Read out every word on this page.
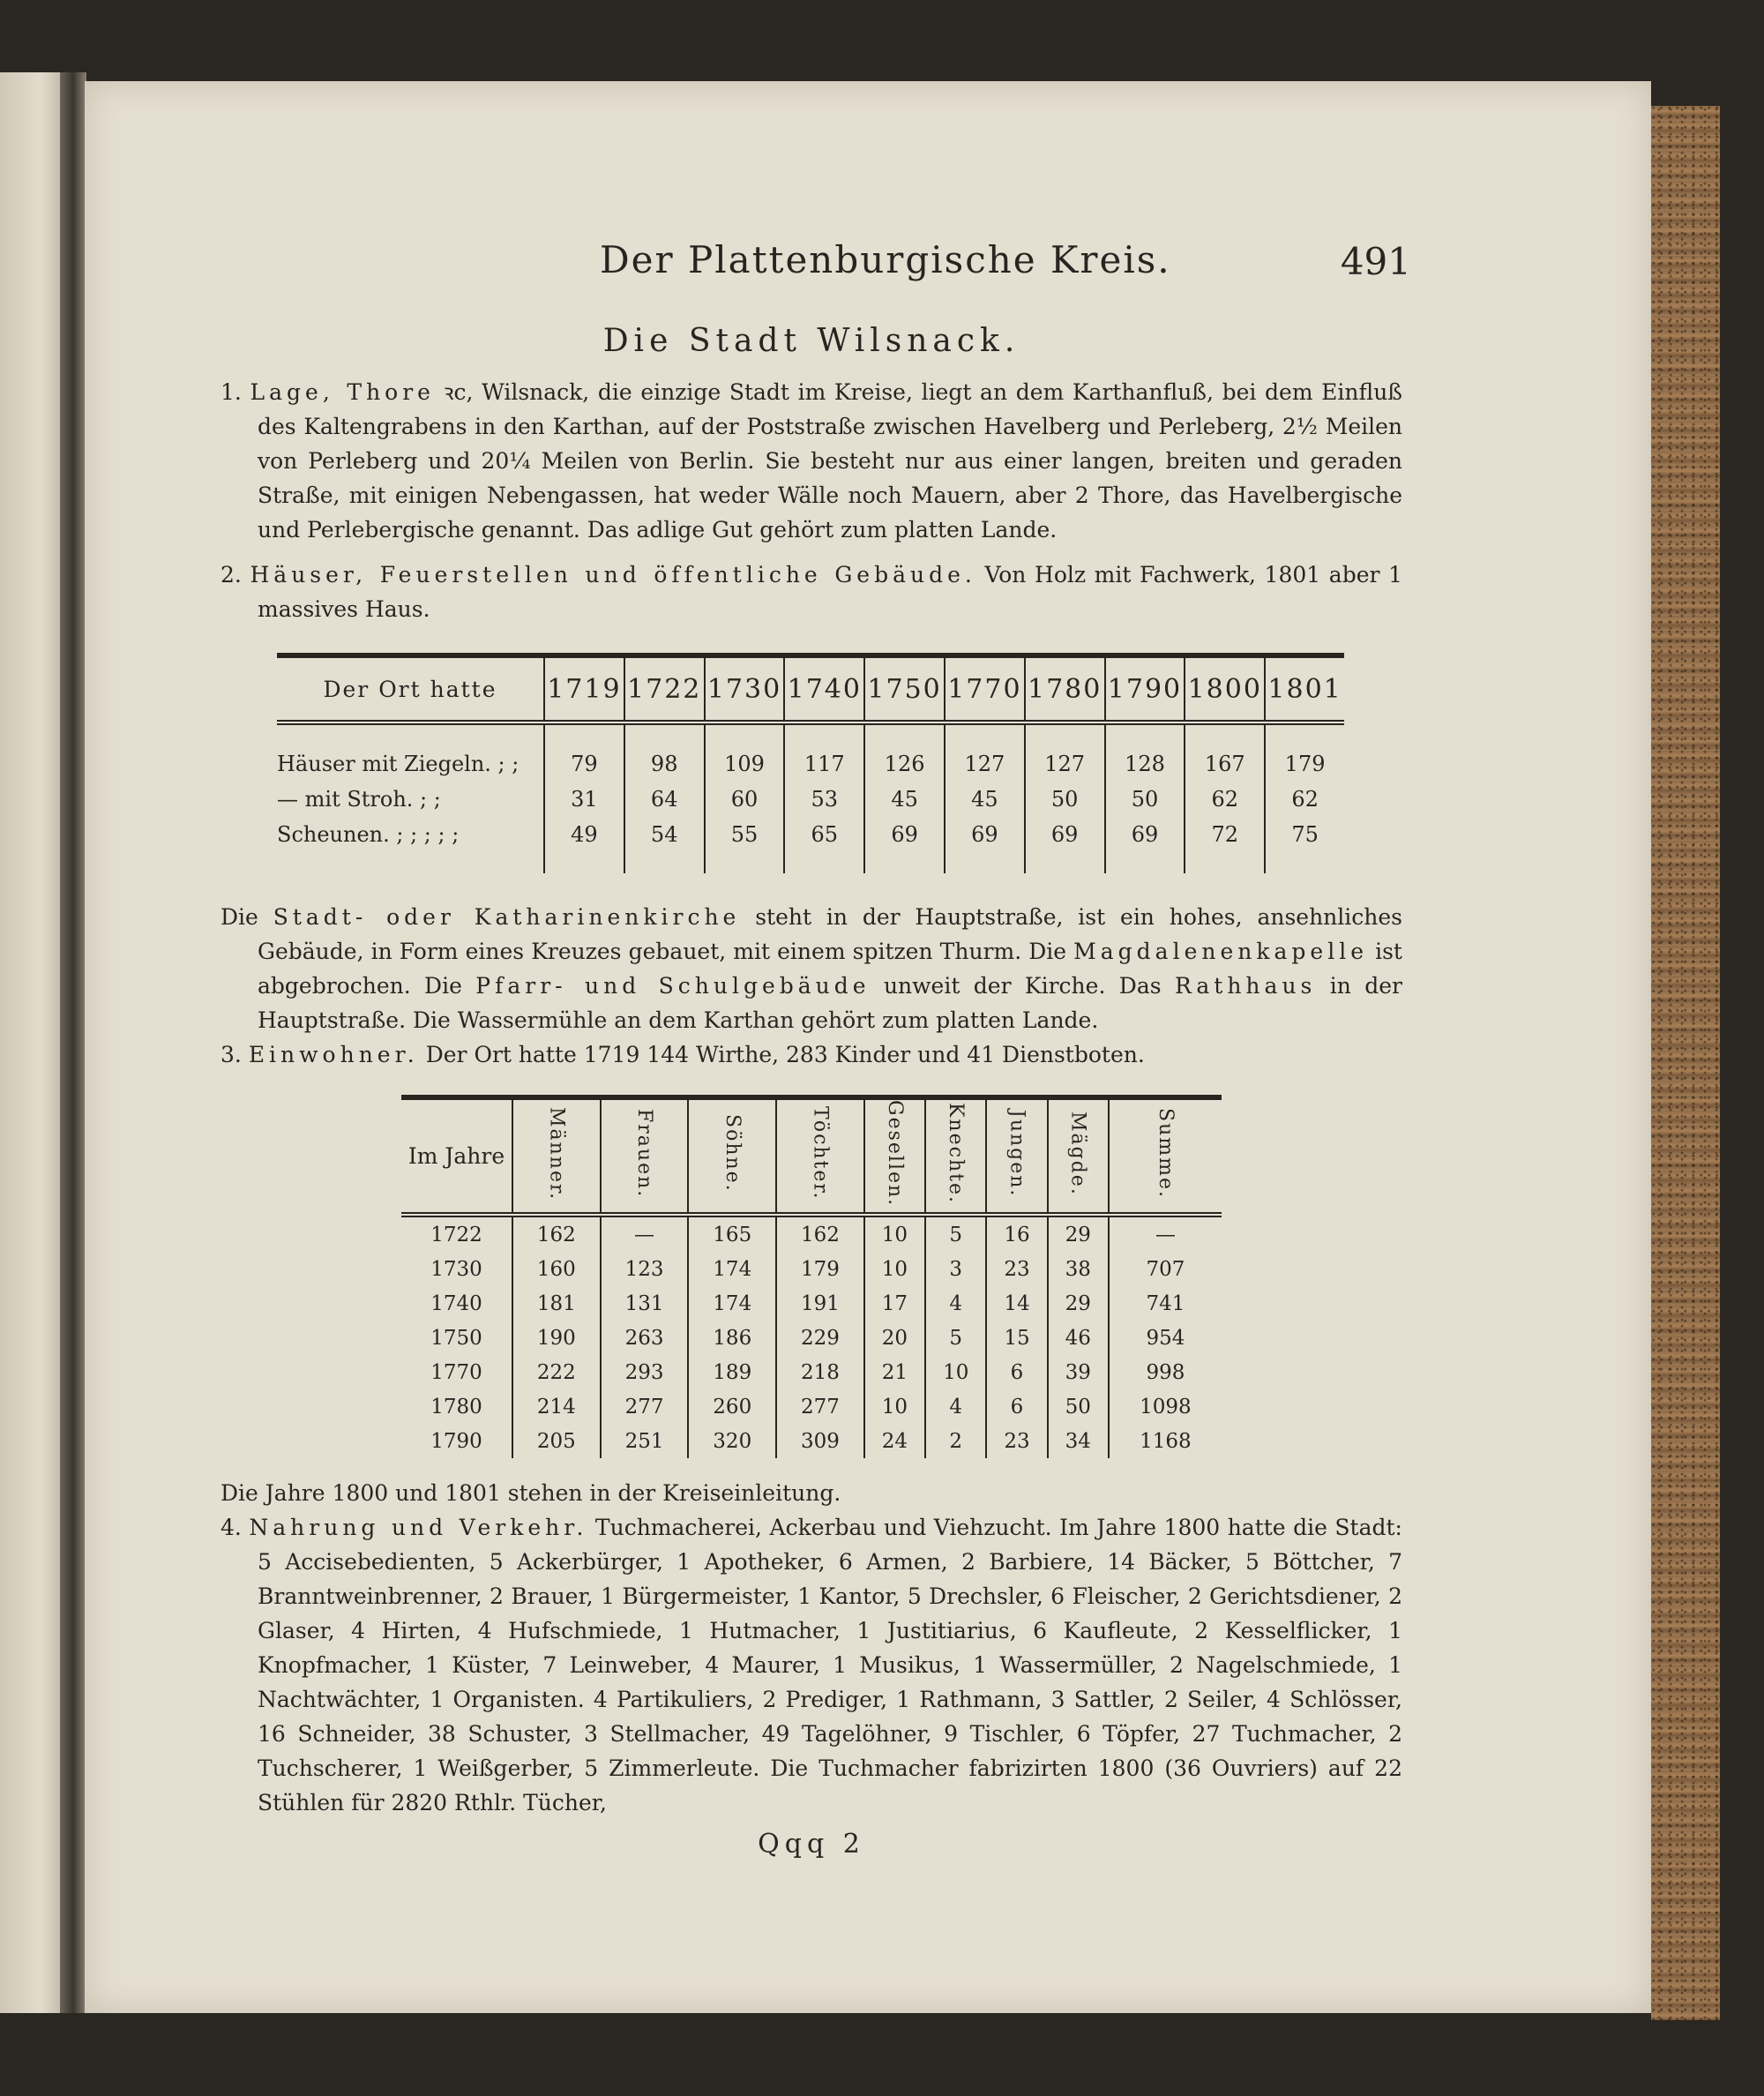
Der Plattenburgische Kreis.	491
Die Stadt Wilsnack.

1. Lage, Thore ꝛc, Wilsnack, die einzige Stadt im Kreise, liegt an dem Karthanfluß, bei dem Einfluß des Kaltengrabens in den Karthan, auf der Poststraße zwischen Havelberg und Perleberg, 2½ Meilen von Perleberg und 20¼ Meilen von Berlin. Sie besteht nur aus einer langen, breiten und geraden Straße, mit einigen Nebengassen, hat weder Wälle noch Mauern, aber 2 Thore, das Havelbergische und Perlebergische genannt. Das adlige Gut gehört zum platten Lande.

2. Häuser, Feuerstellen und öffentliche Gebäude. Von Holz mit Fachwerk, 1801 aber 1 massives Haus.

Der Ort hatte	1719	1722	1730	1740	1750	1770	1780	1790	1800	1801

Häuser mit Ziegeln. ; ;	79	98	109	117	126	127	127	128	167	179
— mit Stroh. ; ;	31	64	60	53	45	45	50	50	62	62
Scheunen. ; ; ; ; ;	49	54	55	65	69	69	69	69	72	75

Die Stadt- oder Katharinenkirche steht in der Hauptstraße, ist ein hohes, ansehnliches Gebäude, in Form eines Kreuzes gebauet, mit einem spitzen Thurm. Die Magdalenenkapelle ist abgebrochen. Die Pfarr- und Schulgebäude unweit der Kirche. Das Rathhaus in der Hauptstraße. Die Wassermühle an dem Karthan gehört zum platten Lande.

3. Einwohner. Der Ort hatte 1719 144 Wirthe, 283 Kinder und 41 Dienstboten.

Im Jahre	Männer.	Frauen.	Söhne.	Töchter.	Gesellen.	Knechte.	Jungen.	Mägde.	Summe.
1722	162	—	165	162	10	5	16	29	—
1730	160	123	174	179	10	3	23	38	707
1740	181	131	174	191	17	4	14	29	741
1750	190	263	186	229	20	5	15	46	954
1770	222	293	189	218	21	10	6	39	998
1780	214	277	260	277	10	4	6	50	1098
1790	205	251	320	309	24	2	23	34	1168

Die Jahre 1800 und 1801 stehen in der Kreiseinleitung.

4. Nahrung und Verkehr. Tuchmacherei, Ackerbau und Viehzucht. Im Jahre 1800 hatte die Stadt: 5 Accisebedienten, 5 Ackerbürger, 1 Apotheker, 6 Armen, 2 Barbiere, 14 Bäcker, 5 Böttcher, 7 Branntweinbrenner, 2 Brauer, 1 Bürgermeister, 1 Kantor, 5 Drechsler, 6 Fleischer, 2 Gerichtsdiener, 2 Glaser, 4 Hirten, 4 Hufschmiede, 1 Hutmacher, 1 Justitiarius, 6 Kaufleute, 2 Kesselflicker, 1 Knopfmacher, 1 Küster, 7 Leinweber, 4 Maurer, 1 Musikus, 1 Wassermüller, 2 Nagelschmiede, 1 Nachtwächter, 1 Organisten. 4 Partikuliers, 2 Prediger, 1 Rathmann, 3 Sattler, 2 Seiler, 4 Schlösser, 16 Schneider, 38 Schuster, 3 Stellmacher, 49 Tagelöhner, 9 Tischler, 6 Töpfer, 27 Tuchmacher, 2 Tuchscherer, 1 Weißgerber, 5 Zimmerleute. Die Tuchmacher fabrizirten 1800 (36 Ouvriers) auf 22 Stühlen für 2820 Rthlr. Tücher,

Qqq 2
